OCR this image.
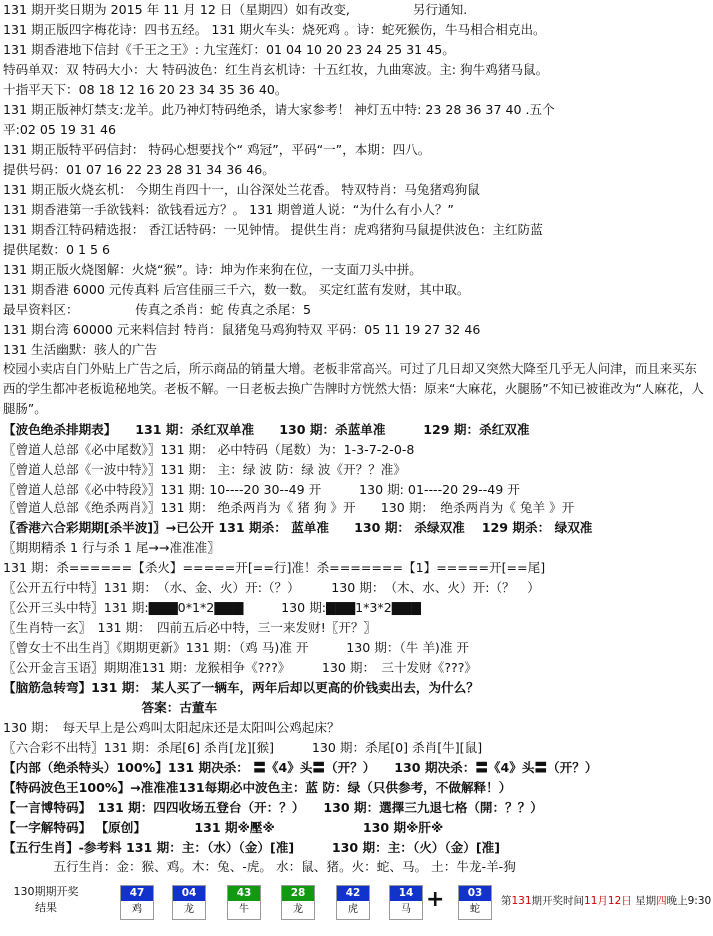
131 期开奖日期为 2015 年 11 月 12 日（星期四）如有改变,　　　　　另行通知.
131 期正版四字梅花诗：四书五经。 131 期火车头：烧死鸡 。诗：蛇死猴伤，牛马相合相克出。
131 期香港地下信封《千王之王》: 九宝莲灯：01 04 10 20 23 24 25 31 45。
特码单双：双 特码大小：大 特码波色：红生肖玄机诗：十五红妆，九曲寒波。主: 狗牛鸡猪马鼠。
十指平天下：08 18 12 16 20 23 34 35 36 40。
131 期正版神灯禁支:龙羊。此乃神灯特码绝杀，请大家参考！ 神灯五中特: 23 28 36 37 40 .五个
平:02 05 19 31 46
131 期正版特平码信封： 特码心想要找个“ 鸡冠”，平码“一”，本期：四八。
提供号码：01 07 16 22 23 28 31 34 36 46。
131 期正版火烧玄机： 今期生肖四十一，山谷深处兰花香。 特双特肖：马兔猪鸡狗鼠
131 期香港第一手欲钱料：欲钱看远方？。 131 期曾道人说：“为什么有小人？”
131 期香江特码精选报： 香江话特码：一见钟情。 提供生肖：虎鸡猪狗马鼠提供波色：主红防蓝
提供尾数：0 1 5 6
131 期正版火烧图解：火烧“猴”。诗：坤为作来狗在位，一支面刀头中拼。
131 期香港 6000 元传真料 后宫佳丽三千六，数一数。 买定红蓝有发财，其中取。
最早资料区：　　　　　传真之杀肖：蛇 传真之杀尾：5
131 期台湾 60000 元来料信封 特肖：鼠猪兔马鸡狗特双 平码：05 11 19 27 32 46
131 生活幽默：骇人的广告
校园小卖店自门外贴上广告之后，所示商品的销量大增。老板非常高兴。可过了几日却又突然大降至几乎无人问津，而且来买东西的学生都冲老板诡秘地笑。老板不解。一日老板去换广告牌时方恍然大悟：原来“大麻花，火腿肠”不知已被谁改为“人麻花，人腿肠”。
【波色绝杀排期表】　　131 期：杀红双单准　　130 期：杀蓝单准　　　129 期：杀红双准
〖曾道人总部《必中尾数》〗131 期： 必中特码（尾数）为：1-3-7-2-0-8
〖曾道人总部《一波中特》〗131 期： 主：绿 波 防：绿 波《开？？准》
〖曾道人总部《必中特段》〗131 期: 10----20 30--49 开　　　130 期: 01----20 29--49 开
〖曾道人总部《绝杀两肖》〗131 期： 绝杀两肖为《 猪 狗 》开　　130 期：　绝杀两肖为《 兔羊 》开
〖香港六合彩期期[杀半波]〗→已公开 131 期杀： 蓝单准　　130 期： 杀绿双准　 129 期杀： 绿双准
〖期期精杀 1 行与杀 1 尾→→准准准〗
131 期：杀======【杀火】=====开[==行]准！杀=======【1】=====开[==尾]
〖公开五行中特〗131 期：　（水、金、火）开:（？）　　　130 期：　（木、水、火）开:（？　）
〖公开三头中特〗131 期:▇▇▇0*1*2▇▇▇　　　130 期:▇▇▇1*3*2▇▇▇
〖生肖特一玄〗　131 期：　四前五后必中特，三一来发财!〖开？〗
〖曾女士不出生肖〗《期期更新》131 期：（鸡 马)准 开　　　130 期：（牛 羊)准 开
〖公开金言玉语〗期期准131 期：龙猴相争《???》　　　130 期：　三十发财《???》
【脑筋急转弯】131 期： 某人买了一辆车，两年后却以更高的价钱卖出去，为什么？
　　　　　　　　　　　答案：古董车
130 期：　每天早上是公鸡叫太阳起床还是太阳叫公鸡起床？
〖六合彩不出特〗131 期：杀尾[6] 杀肖[龙][猴]　　　130 期：杀尾[0] 杀肖[牛][鼠]
【内部（绝杀特头）100%】131 期决杀： 〓《4》头〓（开？）　　130 期决杀：〓《4》头〓（开？）
【特码波色王100%】→准准准131每期必中波色主：蓝 防：绿（只供参考，不做解释！）
【一言博特码】　131 期：四四收场五登台（开：？）　　130 期：選擇三九退七格（開：？？）
【一字解特码】 【原创】　　　　 131 期※壓※　　　　　　　130 期※肝※
【五行生肖】-参考料 131 期：主：（水）（金）[准]　　　130 期：主：（火）（金）[准]
　　　　五行生肖：金：猴、鸡。木：兔、-虎。 水：鼠、猪。火：蛇、马。 土：牛龙-羊-狗
130期期开奖结果
47
鸡
04
龙
43
牛
28
龙
42
虎
14
马 +	03
蛇
第131期开奖时间11月12日 星期四晚上9:30
